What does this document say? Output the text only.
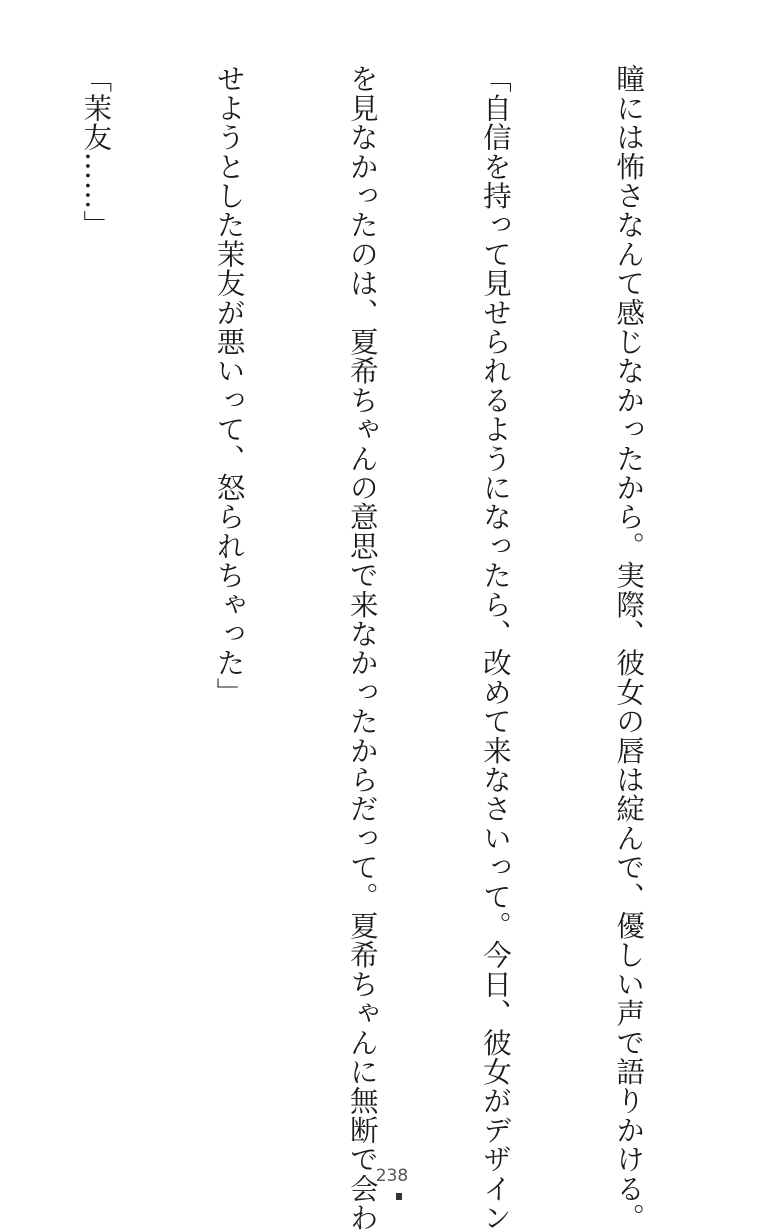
瞳には怖さなんて感じなかったから。実際、彼女の唇は綻んで、優しい声で語りかける。

「自信を持って見せられるようになったら、改めて来なさいって。今日、彼女がデザイン

を見なかったのは、夏希ちゃんの意思で来なかったからだって。夏希ちゃんに無断で会わ

せようとした茉友が悪いって、怒られちゃった」

「茉友……」

238
